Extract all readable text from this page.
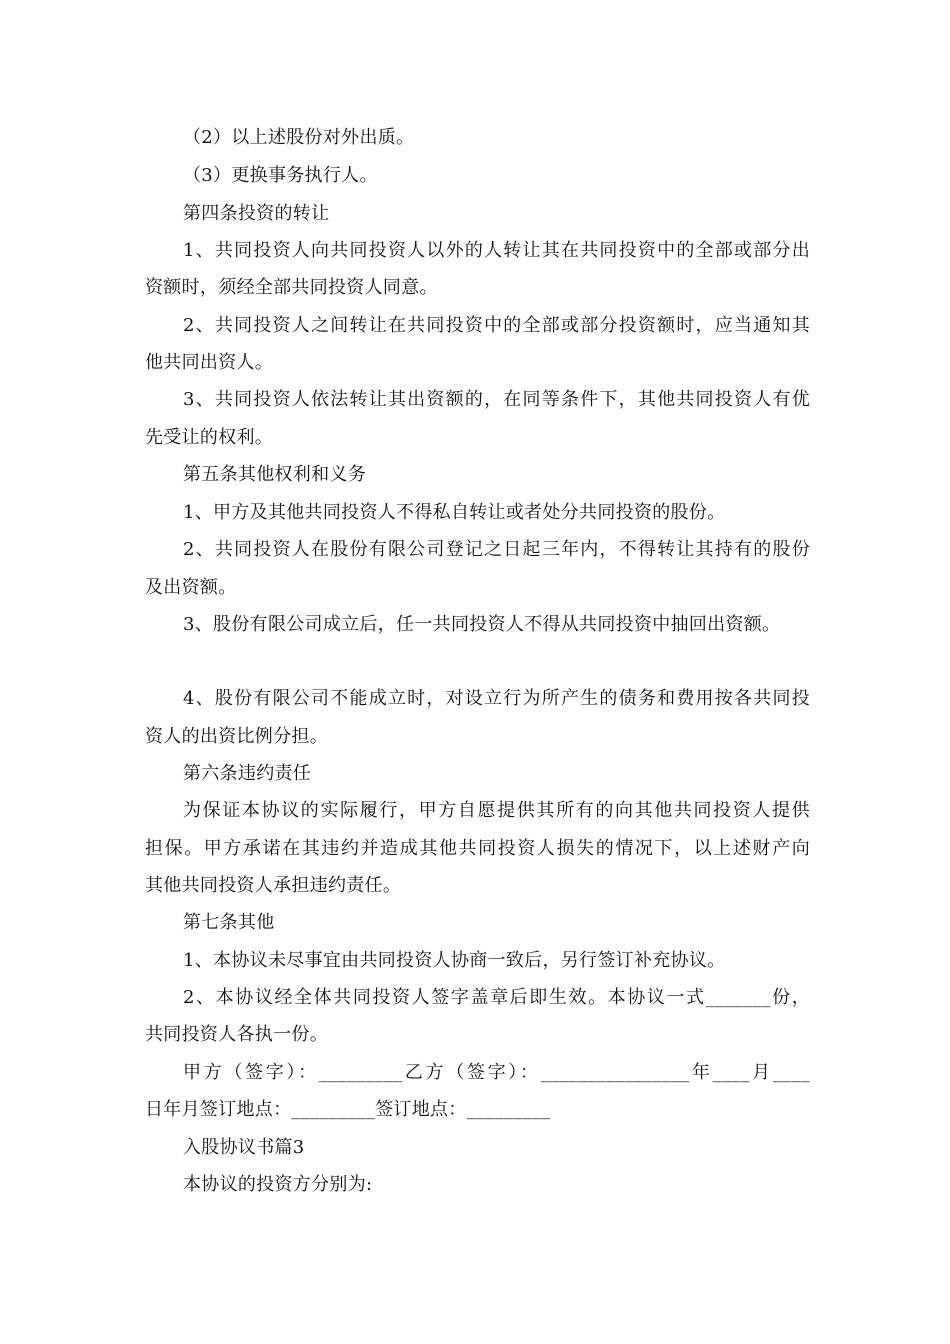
（2）以上述股份对外出质。
（3）更换事务执行人。
第四条投资的转让
1、共同投资人向共同投资人以外的人转让其在共同投资中的全部或部分出
资额时，须经全部共同投资人同意。
2、共同投资人之间转让在共同投资中的全部或部分投资额时，应当通知其
他共同出资人。
3、共同投资人依法转让其出资额的，在同等条件下，其他共同投资人有优
先受让的权利。
第五条其他权利和义务
1、甲方及其他共同投资人不得私自转让或者处分共同投资的股份。
2、共同投资人在股份有限公司登记之日起三年内，不得转让其持有的股份
及出资额。
3、股份有限公司成立后，任一共同投资人不得从共同投资中抽回出资额。
4、股份有限公司不能成立时，对设立行为所产生的债务和费用按各共同投
资人的出资比例分担。
第六条违约责任
为保证本协议的实际履行，甲方自愿提供其所有的向其他共同投资人提供
担保。甲方承诺在其违约并造成其他共同投资人损失的情况下，以上述财产向
其他共同投资人承担违约责任。
第七条其他
1、本协议未尽事宜由共同投资人协商一致后，另行签订补充协议。
2、本协议经全体共同投资人签字盖章后即生效。本协议一式_______份，
共同投资人各执一份。
甲方（签字）：_________乙方（签字）：________________年____月____
日年月签订地点：_________签订地点：_________
入股协议书篇3
本协议的投资方分别为:
